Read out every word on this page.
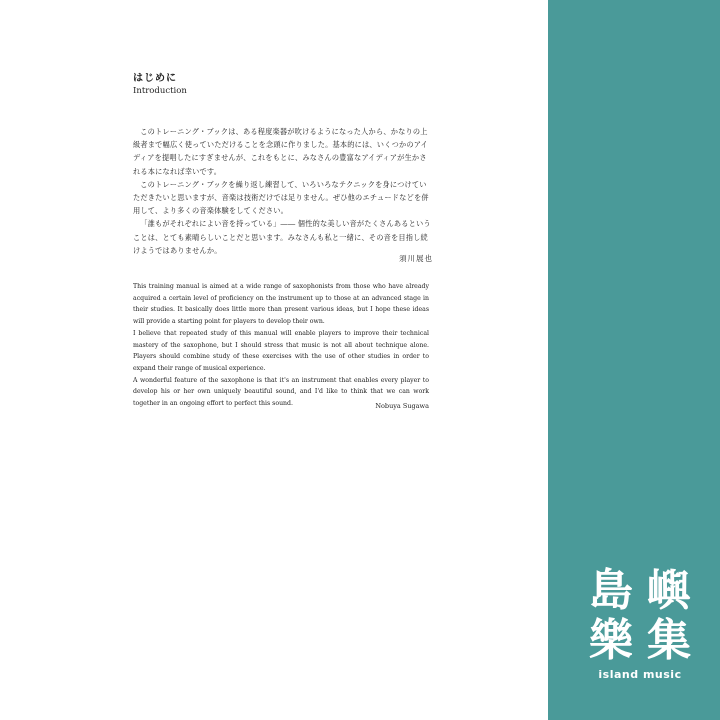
はじめに
Introduction

このトレーニング・ブックは、ある程度楽器が吹けるようになった人から、かなりの上級者まで幅広く使っていただけることを念頭に作りました。基本的には、いくつかのアイディアを提唱したにすぎませんが、これをもとに、みなさんの豊富なアイディアが生かされる本になれば幸いです。

このトレーニング・ブックを繰り返し練習して、いろいろなテクニックを身につけていただきたいと思いますが、音楽は技術だけでは足りません。ぜひ他のエチュードなどを併用して、より多くの音楽体験をしてください。

「誰もがそれぞれによい音を持っている」―― 個性的な美しい音がたくさんあるということは、とても素晴らしいことだと思います。みなさんも私と一緒に、その音を目指し続けようではありませんか。

須川展也

This training manual is aimed at a wide range of saxophonists from those who have already acquired a certain level of proficiency on the instrument up to those at an advanced stage in their studies. It basically does little more than present various ideas, but I hope these ideas will provide a starting point for players to develop their own.

I believe that repeated study of this manual will enable players to improve their technical mastery of the saxophone, but I should stress that music is not all about technique alone. Players should combine study of these exercises with the use of other studies in order to expand their range of musical experience.

A wonderful feature of the saxophone is that it's an instrument that enables every player to develop his or her own uniquely beautiful sound, and I'd like to think that we can work together in an ongoing effort to perfect this sound.	Nobuya Sugawa
島 嶼
樂 集
island music
